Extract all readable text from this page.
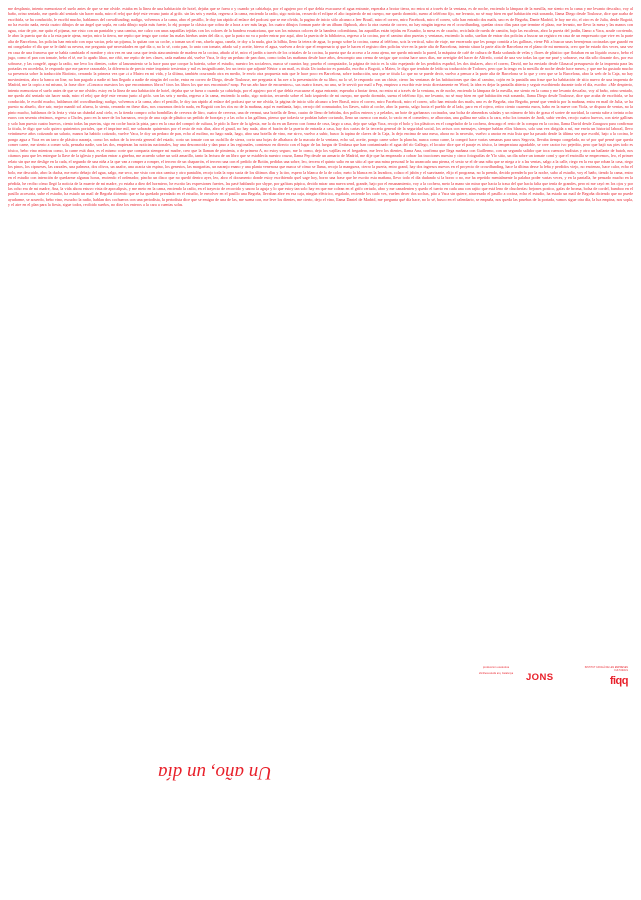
me desplanto, intento memorizar el suelo antes de que se me olvide. estaba en la línea de una habitación de hotel, dejaba que se fuera o y cuando ya cabizbaja, por el agujero por el que debía evacuarse el agua entrante, esperaba a brotar tierra, no entra ni a través de la ventana, es de noche, enciendo la lámpara de la mesilla, me siento en la cama y me levanto descalzo, voy al baño, orino sentado, me quedo ahí sentado sin hacer nada, miro el reloj que dejé este verano junto al grifo. sin las seis y media, regreso a la cama, enciendo la radio, sigo noticias, recuerdo el eclipse el alto izquierdo de mi cuerpo, me quedo dormido, sueno al teléfono fijo, me levanto, no sé muy bien en qué habitación está sonando, llama Diego desde Toulouse, dice que acaba de escribirla, se ha conducido, le escribí mucho, hablamos del crowdfunding; nadigo, volvemos a la cama, abro el pestillo, le doy tan rápido al enlace del podcast que se me olvida, la pagina de inicio sólo alcanzo a leer Brasil, miro el correo, miro Facebook, miro el correo, sólo han entrado dos mails, uno es de Begoña, Dante Madrid, le hoy me río, el otro es de Julia, desde Bogotá, no ha escrito nada, envía cuatro dibujos de un ángel que sopla, en cada dibujo sopla más fuerte, lo ekj porque la clásica que cobra de a hora a ser más larga, los cuatro dibujos forman parte de un álbum flipbook, abro la otra cuenta de correo, no hay ningún ingreso en el crowdfunding, quedan cinco días para que termine el plazo, me levanto, me llevo la mesa y las manos con agua, criar de pie, me quito el pijama, me visto con un pantalón y una camisa, me calzo con unas zapatillas tejidas con los colores de la bandera ecuatoriana, que son los mismos colores de la bandera colombiana, las zapatillas están tejidas en Ecuador, la mesa es de caucho, reciclada de rueda de camión, bajo las escaleras, abro la puerta del jardín, llamo a Vaca, acude corriendo, le abro la puerta que da a la esta parte ajena, mejor, miro la tierra, me repito que tengo que cortar las malas hierbas antes del día o, que la pasto no va a poder entrar por aquí, abro la puerta de la biblioteca, regreso a la cocina, por el camino abro puertas y ventanas, enciendo la radio, sueltan de entrar dos policías a buscar un registro en casa de un empresario que vive en la parte alta de Barcelona, los policías han entrado con ropa vaciar, pelo un pijama, lo quitan con su coche, o toman un el van, afuelo agua, canela, te doy a la nuda, gira la bilbia, lleno la tetera de agua, lo pongo sobre la cocina, caena al teléfono, sois la vertical, subo de viaje, me encerrado que les pongo comida a las gallinas, viene Pili a buscar unas berenjenas cocinadas que guardó en mi congelador el día que se le dañó su nevera, me pregunta qué necesidades en qué día o, no lo sé, corto pan, lo unto con tomate, añado sal y aceite, hiervo el agua, vuelven a decir que el empresario qi que le hacen el registro diez policías vive en la parte alta de Barcelona, intento situar la parte alta de Barcelona en el plano de mi memoria, creo que he estado dos veces, una vez en casa de una francesa que se había cambiado el nombre y otra vez en una casa que tenía atascamiento de madera en la cocina, añado al té, miro el jardín a través de los cristales de la cocina, la puerta que da acceso a la zona ajena, me quedo mirando la pared, la máquina de café de cultura de Bada sodanda de velas y flores de plástico que flotaban en un líquido oscuro, bebo el jugo, como el pan con tomate, bebo el té, me lo apaño lihao, me riñó, me repito de tres clases, cada mañana ahí, vuelve Vaca, le doy un pedazo de pan duro, como todas las mañanas desde hace años, descompto una crema de secigar que cocina hace unos días, me averigüe del hacer de Alfredo, cortal de una vez todas las que me pasé y sobrarse, esa día sólo dosante dos, por eso sobrarse, y las congelé, apago la radio, me levo los dientes, cráter al lanzamiento se la hace para que corque la batería, sobre el estudio, nuestro les socialeros, nunca sé cuantos hay, pruebo el computador, la página de inicio es la sitio espejando de los perdidos español, les dos titulares, abro el correo, David, me ha enviado desde Glasacal presupuesto de la imprenta para las portadas en accedelta, le respondo que me parece razonable, la diferencia de precio entre imprimir tresientas y mil es insignificante, leo un texto que adjunté Néstor a un mail, es títula Un traductor es pantalla, escribo a Bogotá, a Mateo, le digo que tendrán de leído su traducción de Todorov, pero que la tengo en la mesilla de noche desde hace meses, y que me ha gustado mucho su presencia sobre la traducción Riotinto, cerrando la primera vez que «t a Mateo en mi vida, y la última, también ocurrando otra en medio, le envío otra propuesta más que le hace poco en Barcelona, sobre traducción, una que se titula Lo que no se puede decir, vuelvo a pensar a la parte alta de Barcelona se lo que y creo que se la Barcelona, abro la web de la Caja, no hay movimientos, abro la banca on line, no han pagado a nadie ni han llegado a nadie de ningún del coche, entra en correo de Diego, desde Toulouse, me pregunta si ha ave a la presentación de su libro, no lo sé, le respondo con un chiste, cierro las ventanas de las habitaciones que dan al camino, cojón en la pantalla una frase que ha habitación de sitio nuevo de una imprenta de Madrid, me la copio a mí mismo, la frase dice: «Conozco nuestros los que encontramos libros? tiros los libros los que nos encontrats? nosp. Por un año hace de encuentros», sus cuatro frases, no una, se le serviò por mail a Pep, empiezo a escribir este texto directamente en Word, la idea es dejar la pantalla abierta y seguir escribiendo durante todo el día, escribo: «Me despierto, intento memorizar el suelo antes de que se me olvide» estoy en la línea de una habitación de hotel, dejaba que se fuera o cuando ya cabizbaja, por el agujero por el que debía evacuarse el agua entrante, esperaba a brotar tierra, no entra ni a través de la ventana, es de noche, enciendo la lámpara de la mesilla, me siento en la cama y me levanto descalzo, voy al baño, orino sentado, me quedo ahí sentado sin hacer nada, miro el reloj que dejé este verano junto al grifo. son las seis y media, regreso a la cama, enciendo la radio, sigo noticias, recuerdo sobre el lado izquierdo de mi cuerpo, me quedo dormido, suena el teléfono fijo, me levanto, no sé muy bien en qué habitación está sonando, llama Diego desde Toulouse, dice que acaba de escribirla, se ha conducido, le escribí mucho, hablamos del crowdfunding; nadigo, volvemos a la cama, abro el pestillo, le doy tan rápido al enlace del podcast que se me olvida, la página de inicio sólo alcanzo a leer Brasil, miro el correo, miro Facebook, miro el correo, sólo han entrado dos mails, uno es de Begoña, otra Begoña, pensé que vendría por la mañana, entra en mail de Julia, se ha puesto su abuelo, dice sair, mejor mandó sol afuera, lo sienta, cerrando en these días, nos cruzamos decirlo nada, en Bogotá con los ríos no de la mañana, aquí es medianía, bajo, cerrojo del conmutador, los llaves, subir al coche, abro la puerta, salgo hacia el pueblo de al lado, paro en el rojero, retiro ciento cuarenta euros, habo en la nueve con Viola, se dispara de ventas, no la pinto mucho, hablamos de la feria y vista un chándal azul cielo, es la tienda compro ocho bombillas de cerveza de litro, cuatro de cerveza, una de vermut, una botella de lleno, cuatro de lleno de bebidas, dos pollos enteros y a pelados, un bote de garbanzos cocinados, una bolsa de almendras saladas y un número de bits de grasa el sortee de navidad, la cuenta sube a treinta ocho euros con sesenta céntimos, regreso a Choles, paro en la nave de los barnaros, recojo de una caja de plástico un pedido de borrajas y a las ocho a las gallinas, pienso que todavía se podrían haber cortando, lleno un cuenco con maíz, lo vacío en el comedero, se alborotan, una gallina me salta a la cara, echo los tomates de Jardi, subir verdes, recojo cuatro huevos, con siete gallinas y solo han puesto cuatro huevos, ciento todas las puertas, sigo en coche hacia la pista, paro en la casa del compró de cultura, le pido la llave de la iglesia, me la da en un llavero con forma de cruz, largo a casa, dejo que salga Vaca, recojo el bolo y los plásticos en el congelador de la cochera, descargo el resto de la compra en la cocina, llama David desde Zaragoza para confirmar la titula, le digo que solo quiero quinientos portales, que el imprime mil, me sobrarán quinientos por el resto de mis días, abro el gmail, no hay nada, abro el buzón de la puerta de entrada a casa, hay dos cartas de la tercería general de la seguridad social, los avisos con mensajes, siempre hablan ellos blancos, solo una vez dirigida a mí, me envía un historial laboral, llevo veintinueve años cotizando un salario, manos ha habido cotizado, vuelve Vaca, le doy un pedazo de pan, echo al molino, no hago nada, hago, abro una botella de vino, me sirvo, vuelvo a subir, busco la tapina de claves de la Caja, la dejo encima de una mesa, ahora no la necesito, vuelvo a anotar en esta lista que ha pasado desde la última vez que escribí, bajo a la cocina, le pongo agua a Vaca en un tarro de plástico naranja, como los nabos de la tercería general del estado, corto un tomate con un cuchillo de sierra, corto una hojas de albahaca de la macata de la ventana, echo sal, aceite, pongo carne sobre la plancha, nunca como carne, la compró hace varias semanas para unos Segovia, llevaba tiempo congelada, no sé por qué pensé que quería comer carne, me siento a comer sola, pensaba nadie, son las dos, empiezan las noticias nacionales, hay una desconocida y dan paso a las regionales, comienzo en directo con el lugar de las fuegas de Umbasa que han contaminado el agua del río Gallego, el locutor dice que el paraje es tóxico, la temperatura agradable, se cree caotor ivo pejedito, pero que bajó sus pies todo es tóxico, bebo vino mientras como, la carne está dura, es el mismo corte que comparta siempre mi madre, creo que la llaman de pimienta, o de primera A, no estoy seguro, me lo como, dejo los vajillas en el fregadero, me levo los dientes, llama Ana, confirma que llega mañana con Guillermo, con un segundo salidor que toca cuencos budistas y otro un bailante de butoh, nos citamos para que les entregue la llave de la iglesia y puedan entrar a ginebra, me acuerdo sobre un sofá amarillo, tanto la lectura de un libro que se establecía nuestro cruzar, llama Pep desde un armario de Madrid, me dije que ha empezado a cobrar las tracciones nuestra y cinco fotografías de Ylo sitio, un día sobre un tomate comí y que el encinilla se empecemos, leo, el primer relato sin que me deslige en la cada, el segundo de una niña a la que van a romper a romper, el tercero de un chaparrón, el tercero una con el pedido de Bottin, pedidas una sobre, leo, tercera el quinto salto en un sitio al que una mina personal le ha arrancado una pierna, el sexto se el de una niña que se niega a ir a las ventas, salgo a la calle, riego en la era que roban la casa, riego los pinos, los ciprueses, las zarzales, una palmera, dos olivos, un azafor, una acacia sin espino, los genestos, las margaritas, un naranjo enano y una planta venenosa que nunca sé cómo se llama, recojo la manguera, cierro la puerta, entro grand, hay dos ingresos nuevos en el proyecto de crowdfunding, hace la última desse la leña y perdidos viejo, no encienzo, hace calor, echo el bolo, me descuido, abro la ducha, me meto debajo del agua, salgo, me seco, me visto con otra camisa y otro pantalón, recojo toda la ropa sucia de los últimos días y la tiro, espero la blanca de la de color, meto la blanca en la lavadora, colaco el jabón y el suavizante, elijo el programa, no la prendo, decido prenderla por la noche, subo al estudio, voy el baño, tiendo la cama, entro en el estudio con intención de quedarme algunas horas, enciendo el ordenador, pincho un disco que no quedó dentro ayer, leo, abro el documento donde estoy escribiendo quel sage hoy, borro una frase que he escrito esta mañana, llevo todo el día dudando si la borro o no, me ha repetido mentalmente la palabra poder varias veces, y en la pantalla, he pensado mucho en la pérdida, he recibo cómo llegó la noticia de la muerte de mi madre, yo estaba a dieo del hormiero, he escrito las expresiones fuertes, las pasé hablando por shype, por gafitass pápica, decido mirar una nueva send, grande, bajo por el ensanamiento, voy a la cochera, meto la mano sin mirar que hacia la trasa del que hacía falta que tenía de grandes, pero ni me cayó en los ojos y por las ocho era de mi madre, Ana, la vida ahora estuvo vista de apocalipsis, y me meto en la cama, enciendo la radio, en el trayecto de recorrido y unoro la aguja y lo que estoy tan solo hay en que me colean en el grifo certado, abro y me canadenten y quedo el tuerto en cada una con rajito que está leno de chucherías: bejones portico, gafas de broma, bolsa de cordel, bamboo en el pasillo accesoria, sube el estudio, ha estado un mail de Begoña diciendo que se ha quedado prendado en el estudio, le envolver en el pasillo una Begoña, llevaban abre en esa caja, ningún eléctrico, regalado, reciende los cado ves, vuelen decer dos sochas, pito a Vaca sin quiere, atravesado el pasillo a cocina, echo el estudio, ha estado un mail de Begoña diciendo que no puede ayudarme, se acuerdo, bebo vino, escucho la radio, hablan dos cochueros con una periodista, la periodista dice que se emigra de una de las, me suena con, me leve los dientes, me cierto, dejo el vino, llama Daniel de Madrid, me pregunta qué día hace, no lo sé, busco en el calendario, se empuña, nos queda las pruebas de la portada, vamos sigue otra día, la luz empina, nos sopla, y el aire en el plan para la fiesta, sigue todos, recibido sueños, no diez los enteros a la cara a cuentas solas.
Un año, un día
produccion exekutiva
ofíciñes/estudis arq. Catalunya	JONS
INSTITUT CATALÀ DE LES EMPRESES CULTURALS
fiqq
